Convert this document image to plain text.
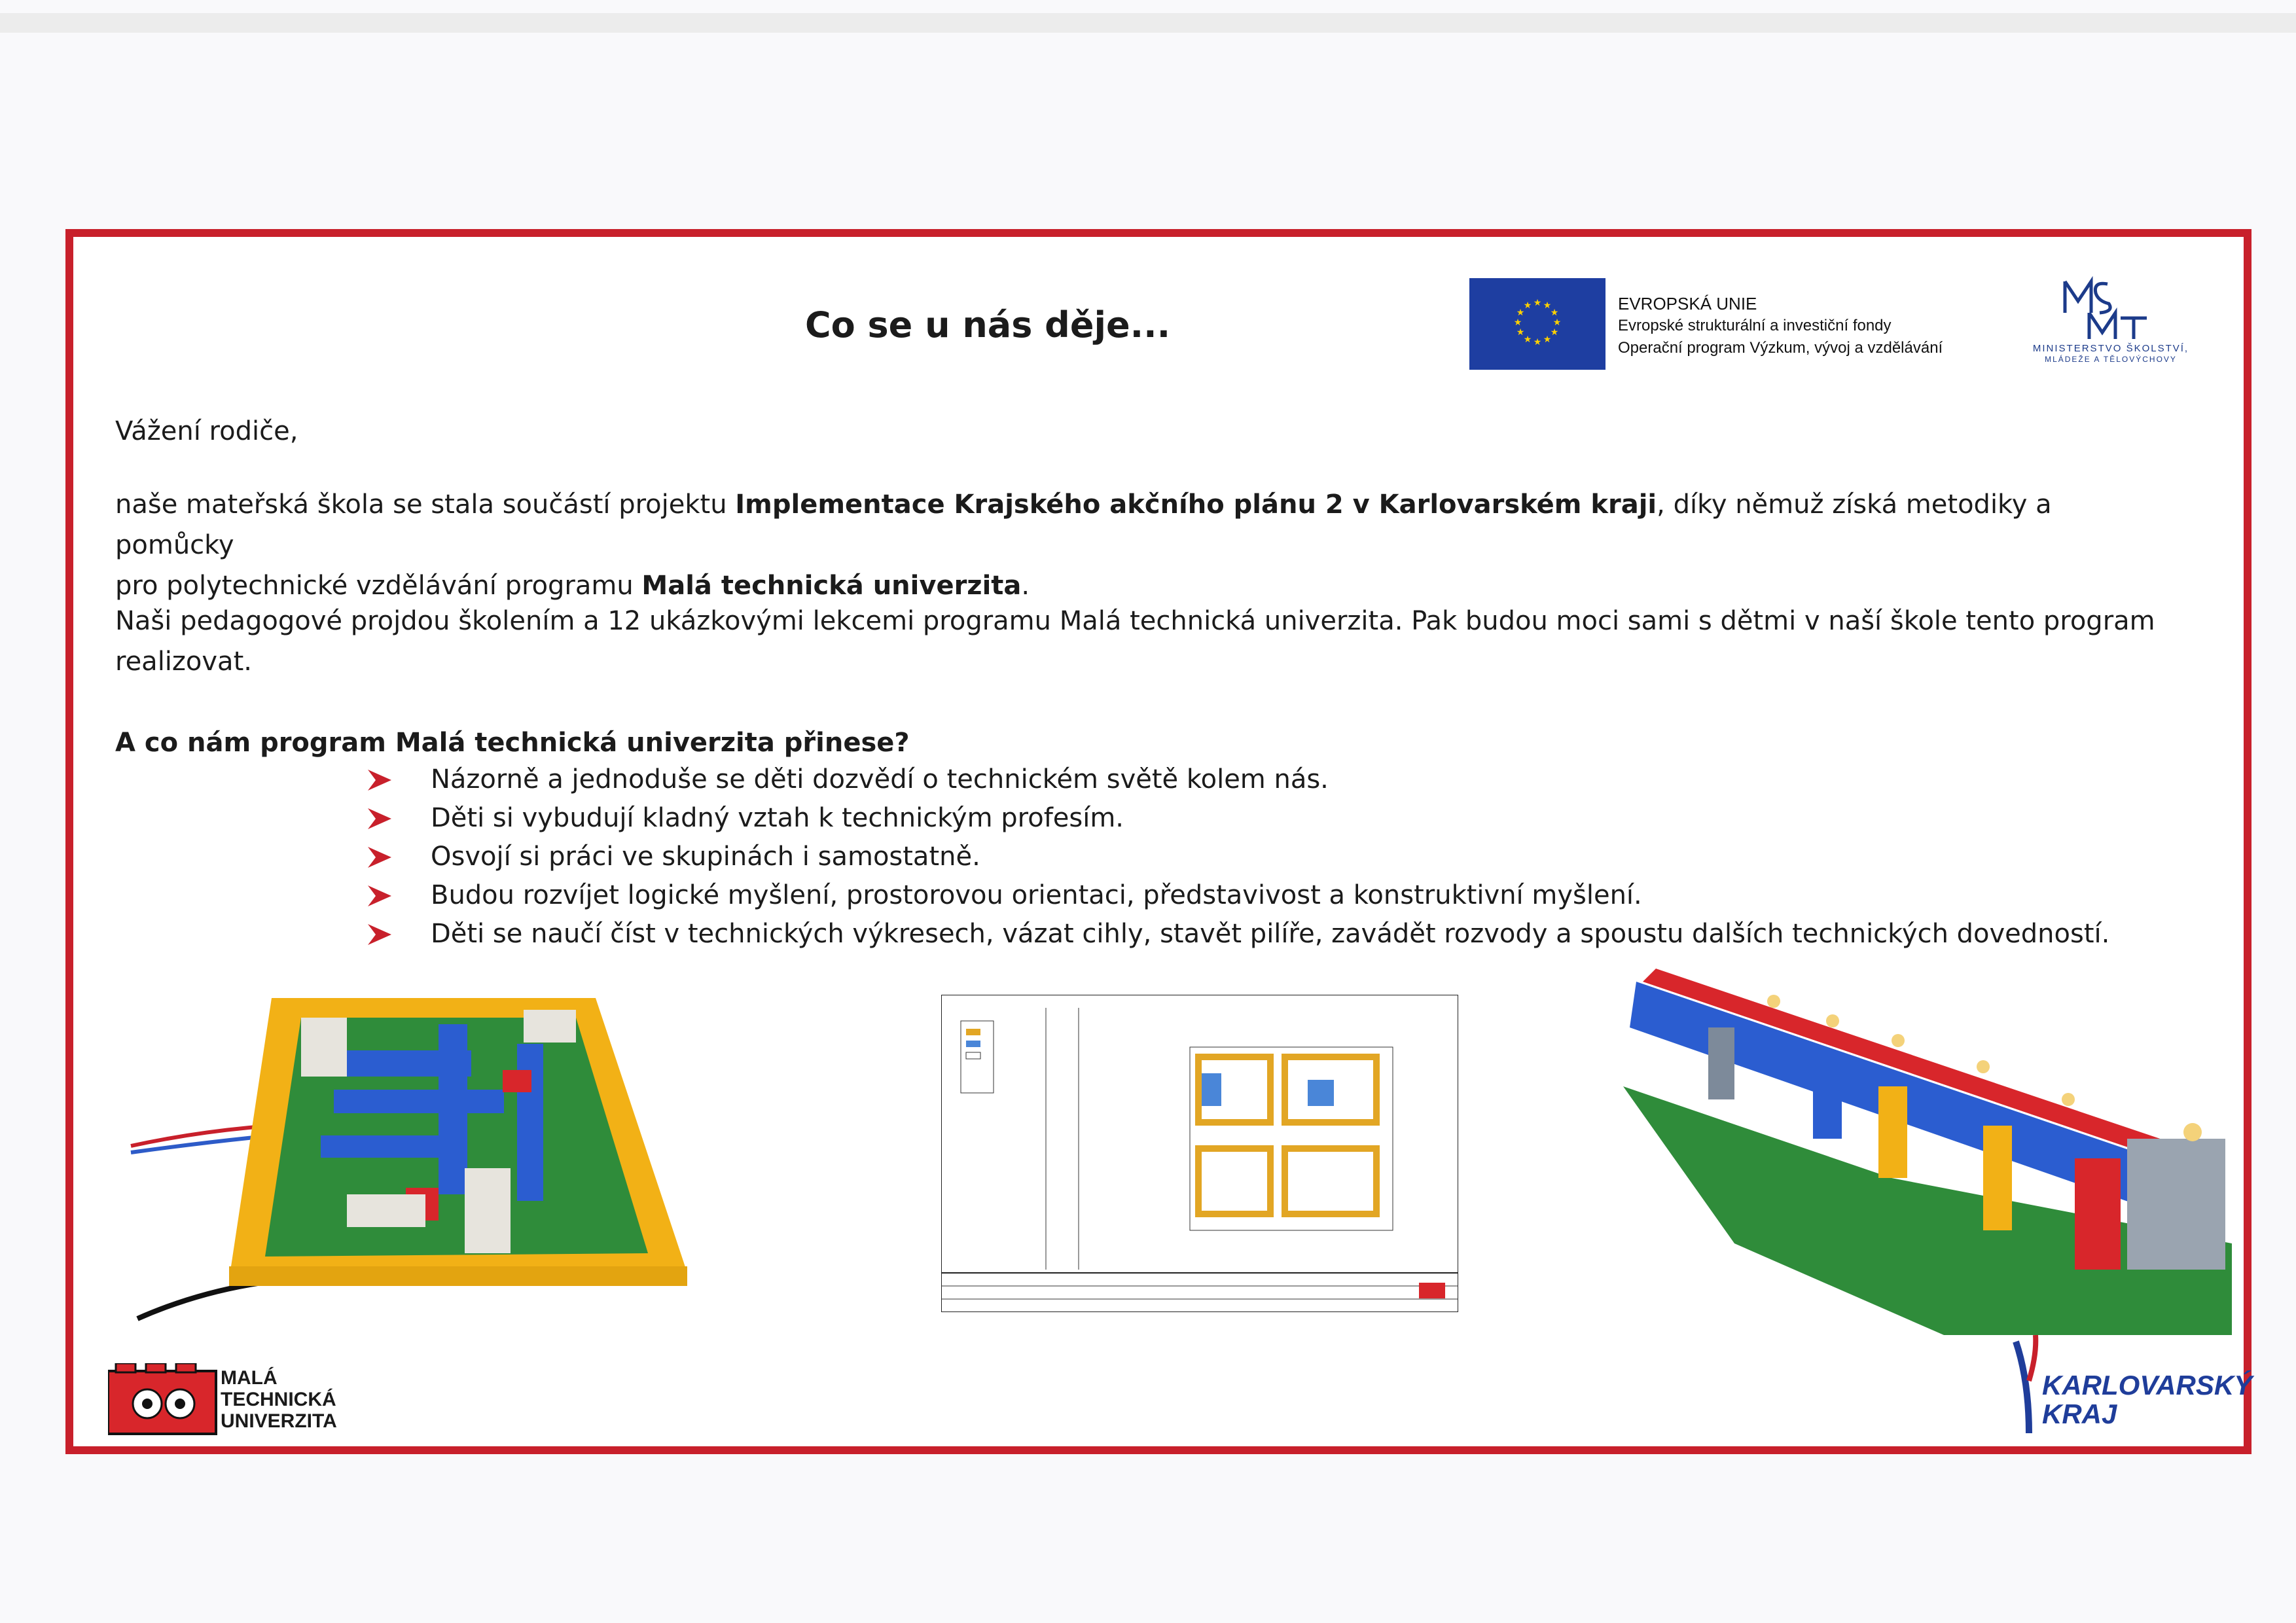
Co se u nás děje...
★ ★
★
★
★
★
★
★
★
★
★
★	EVROPSKÁ UNIE
Evropské strukturální a investiční fondy
Operační program Výzkum, vývoj a vzdělávání	MINISTERSTVO ŠKOLSTVÍ,
MLÁDEŽE A TĚLOVÝCHOVY
Vážení rodiče,
naše mateřská škola se stala součástí projektu Implementace Krajského akčního plánu 2 v Karlovarském kraji, díky němuž získá metodiky a pomůcky
pro polytechnické vzdělávání programu Malá technická univerzita.
Naši pedagogové projdou školením a 12 ukázkovými lekcemi programu Malá technická univerzita. Pak budou moci sami s dětmi v naší škole tento program realizovat.
A co nám program Malá technická univerzita přinese?
Názorně a jednoduše se děti dozvědí o technickém světě kolem nás.
Děti si vybudují kladný vztah k technickým profesím.
Osvojí si práci ve skupinách i samostatně.
Budou rozvíjet logické myšlení, prostorovou orientaci, představivost a konstruktivní myšlení.
Děti se naučí číst v technických výkresech, vázat cihly, stavět pilíře, zavádět rozvody a spoustu dalších technických dovedností.
MALÁ
TECHNICKÁ
UNIVERZITA
KARLOVARSKÝ
KRAJ
